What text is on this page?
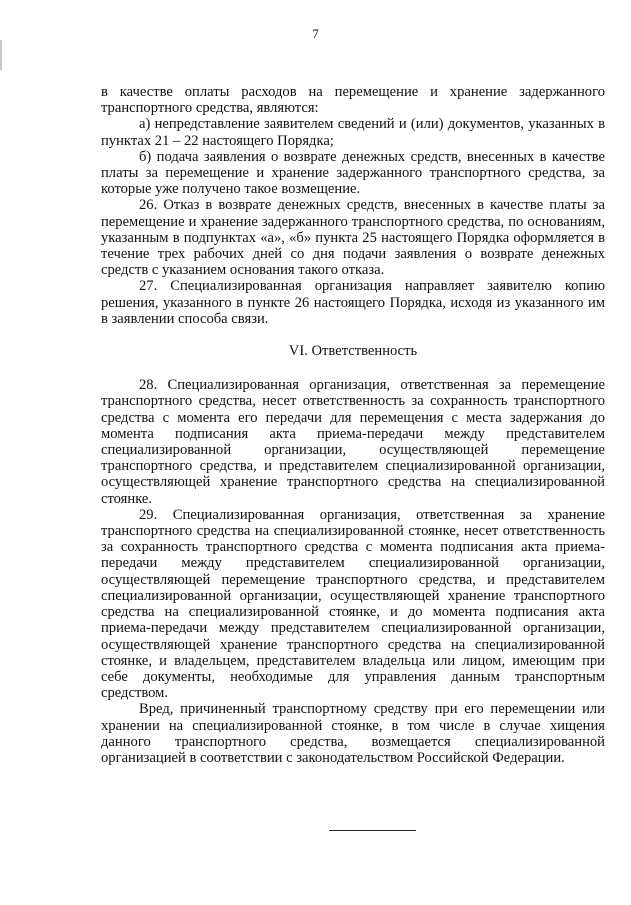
7

в качестве оплаты расходов на перемещение и хранение задержанного транспортного средства, являются:

а) непредставление заявителем сведений и (или) документов, указанных в пунктах 21 – 22 настоящего Порядка;

б) подача заявления о возврате денежных средств, внесенных в качестве платы за перемещение и хранение задержанного транспортного средства, за которые уже получено такое возмещение.

26. Отказ в возврате денежных средств, внесенных в качестве платы за перемещение и хранение задержанного транспортного средства, по основаниям, указанным в подпунктах «а», «б» пункта 25 настоящего Порядка оформляется в течение трех рабочих дней со дня подачи заявления о возврате денежных средств с указанием основания такого отказа.

27. Специализированная организация направляет заявителю копию решения, указанного в пункте 26 настоящего Порядка, исходя из указанного им в заявлении способа связи.

VI. Ответственность

28. Специализированная организация, ответственная за перемещение транспортного средства, несет ответственность за сохранность транспортного средства с момента его передачи для перемещения с места задержания до момента подписания акта приема-передачи между представителем специализированной организации, осуществляющей перемещение транспортного средства, и представителем специализированной организации, осуществляющей хранение транспортного средства на специализированной стоянке.

29. Специализированная организация, ответственная за хранение транспортного средства на специализированной стоянке, несет ответственность за сохранность транспортного средства с момента подписания акта приема-передачи между представителем специализированной организации, осуществляющей перемещение транспортного средства, и представителем специализированной организации, осуществляющей хранение транспортного средства на специализированной стоянке, и до момента подписания акта приема-передачи между представителем специализированной организации, осуществляющей хранение транспортного средства на специализированной стоянке, и владельцем, представителем владельца или лицом, имеющим при себе документы, необходимые для управления данным транспортным средством.

Вред, причиненный транспортному средству при его перемещении или хранении на специализированной стоянке, в том числе в случае хищения данного транспортного средства, возмещается специализированной организацией в соответствии с законодательством Российской Федерации.
